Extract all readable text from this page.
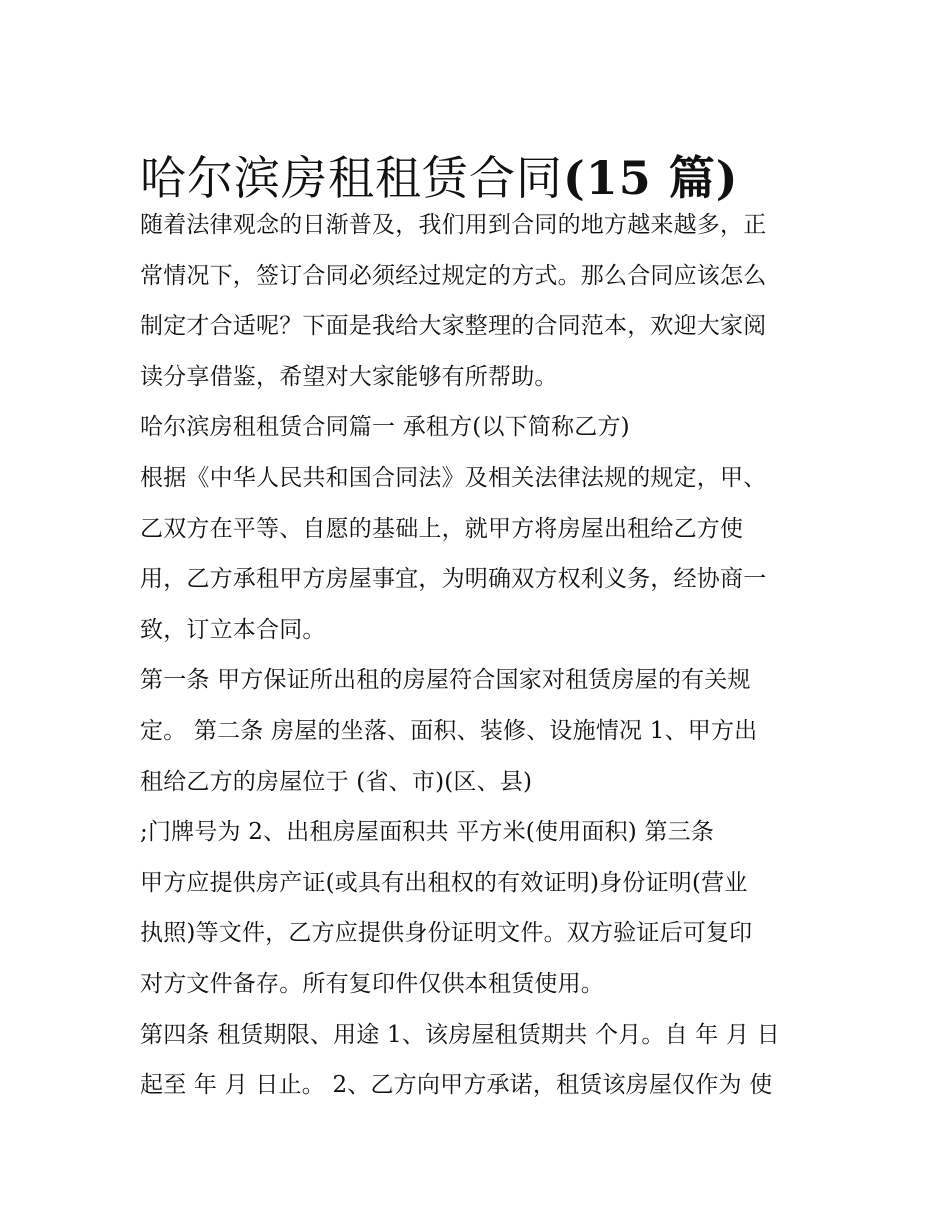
哈尔滨房租租赁合同(15 篇)
随着法律观念的日渐普及，我们用到合同的地方越来越多，正
常情况下，签订合同必须经过规定的方式。那么合同应该怎么
制定才合适呢？下面是我给大家整理的合同范本，欢迎大家阅
读分享借鉴，希望对大家能够有所帮助。
哈尔滨房租租赁合同篇一 承租方(以下简称乙方)
根据《中华人民共和国合同法》及相关法律法规的规定，甲、
乙双方在平等、自愿的基础上，就甲方将房屋出租给乙方使
用，乙方承租甲方房屋事宜，为明确双方权利义务，经协商一
致，订立本合同。
第一条 甲方保证所出租的房屋符合国家对租赁房屋的有关规
定。 第二条 房屋的坐落、面积、装修、设施情况 1、甲方出
租给乙方的房屋位于 (省、市)(区、县)
;门牌号为 2、出租房屋面积共 平方米(使用面积) 第三条
甲方应提供房产证(或具有出租权的有效证明)身份证明(营业
执照)等文件，乙方应提供身份证明文件。双方验证后可复印
对方文件备存。所有复印件仅供本租赁使用。
第四条 租赁期限、用途 1、该房屋租赁期共 个月。自 年 月 日
起至 年 月 日止。 2、乙方向甲方承诺，租赁该房屋仅作为 使
